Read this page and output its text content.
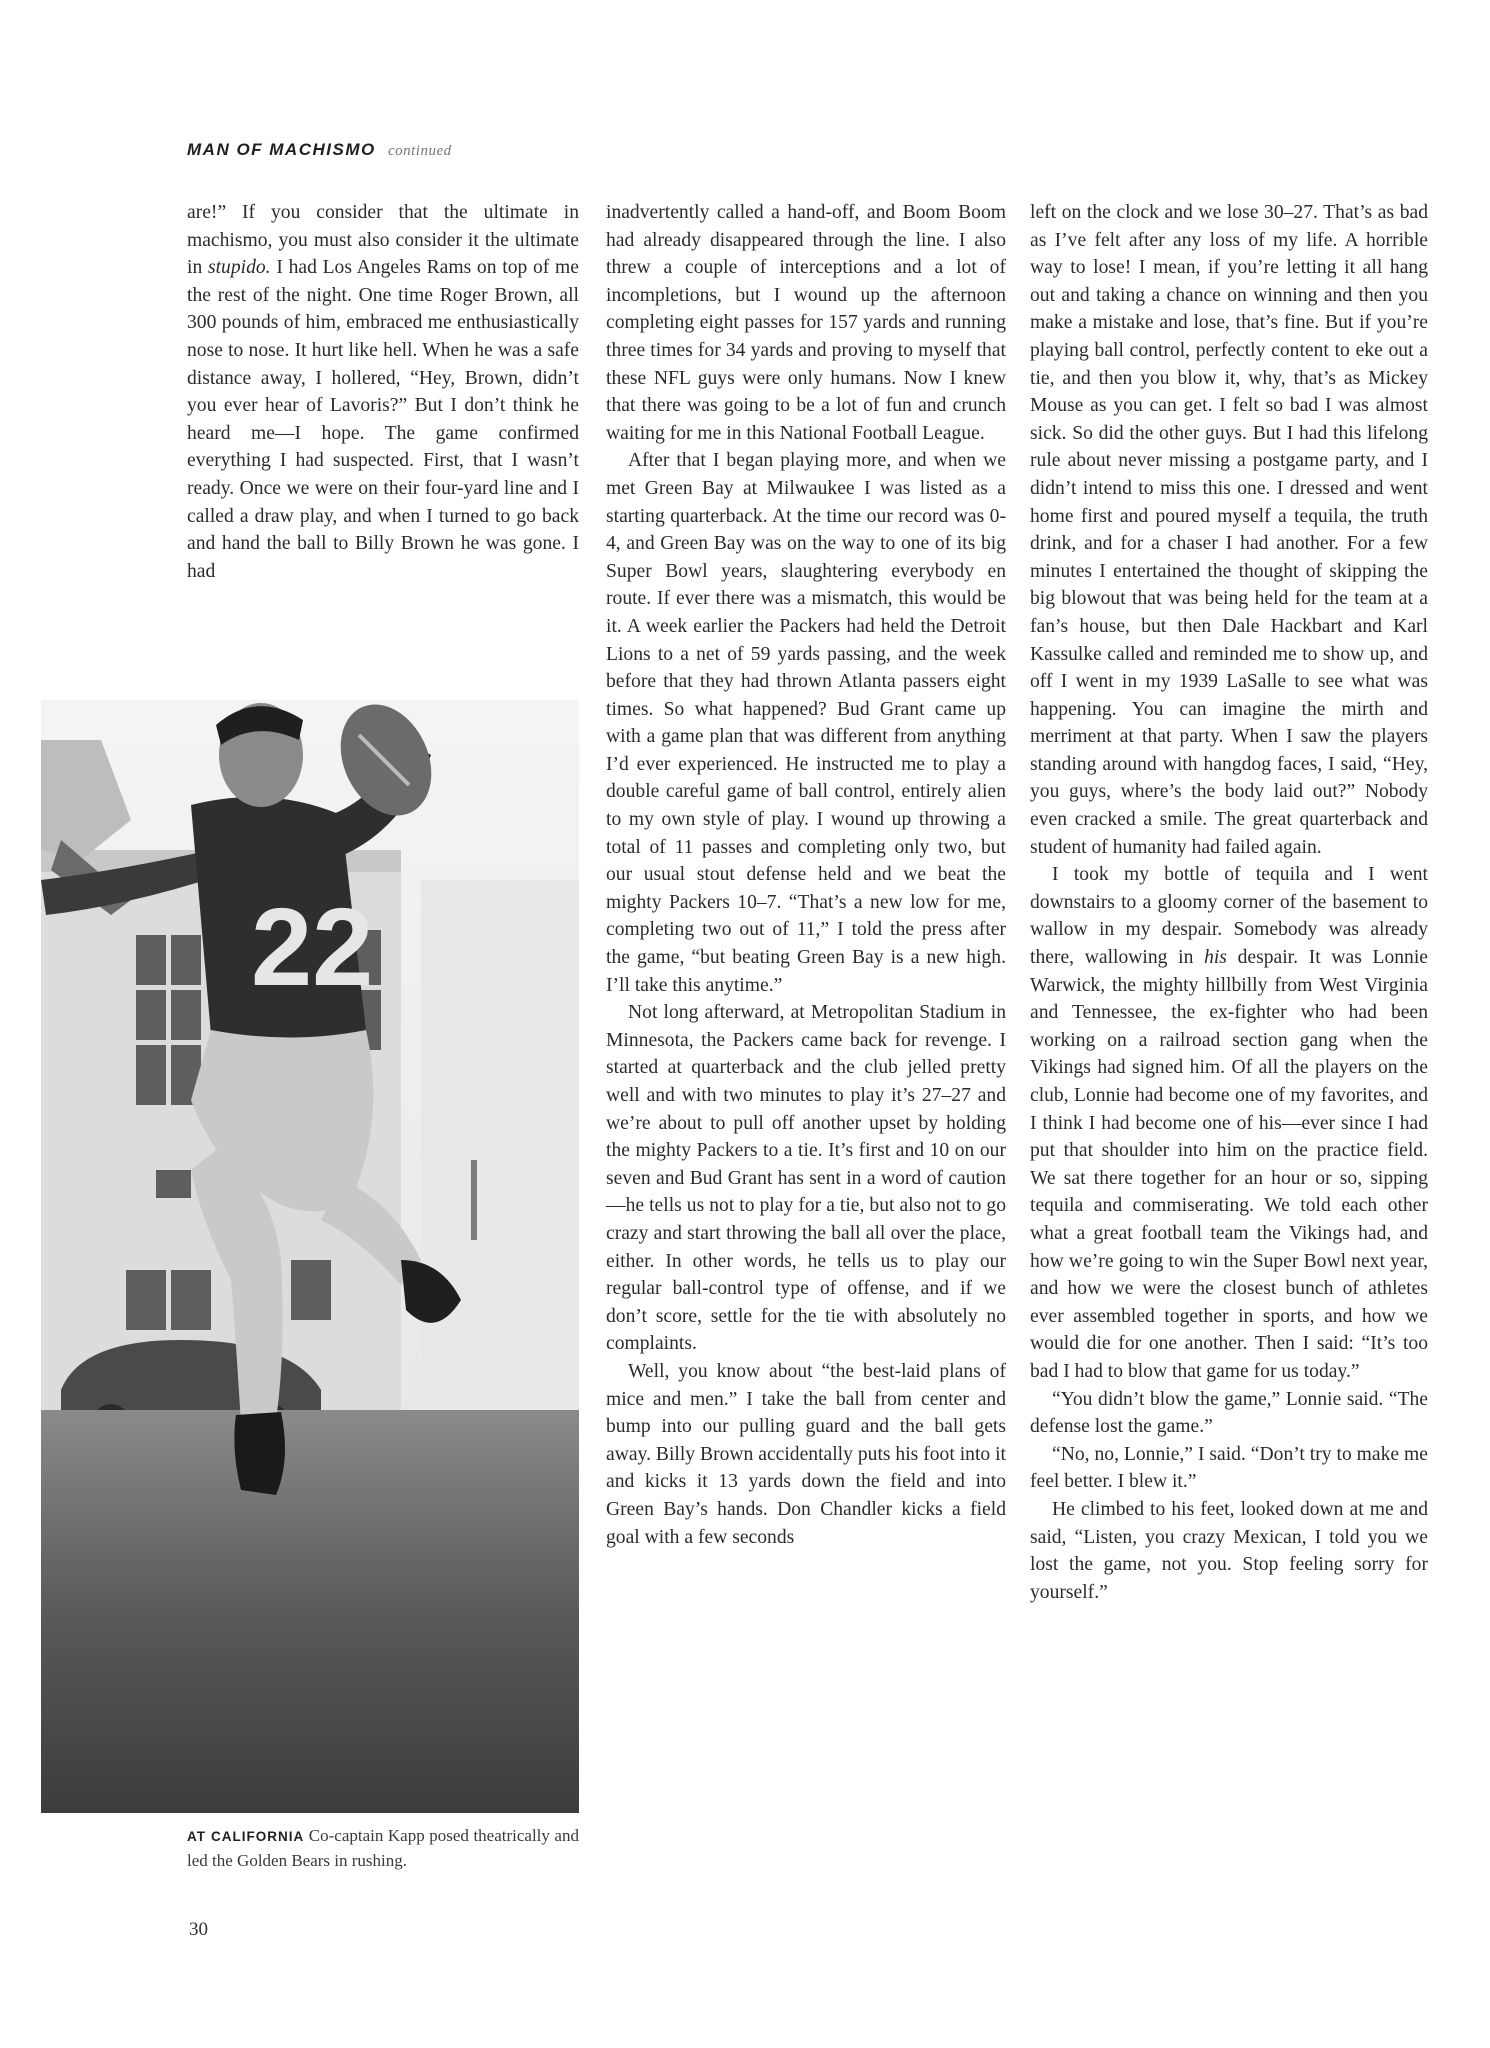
MAN OF MACHISMO continued

are!” If you consider that the ultimate in machismo, you must also consider it the ultimate in stupido. I had Los Angeles Rams on top of me the rest of the night. One time Roger Brown, all 300 pounds of him, embraced me enthusiastically nose to nose. It hurt like hell. When he was a safe distance away, I hollered, “Hey, Brown, didn’t you ever hear of Lavoris?” But I don’t think he heard me—I hope. The game confirmed everything I had suspected. First, that I wasn’t ready. Once we were on their four-yard line and I called a draw play, and when I turned to go back and hand the ball to Billy Brown he was gone. I had

22
AT CALIFORNIA Co-captain Kapp posed theatrically and led the Golden Bears in rushing.

inadvertently called a hand-off, and Boom Boom had already disappeared through the line. I also threw a couple of interceptions and a lot of incompletions, but I wound up the afternoon completing eight passes for 157 yards and running three times for 34 yards and proving to myself that these NFL guys were only humans. Now I knew that there was going to be a lot of fun and crunch waiting for me in this National Football League.

After that I began playing more, and when we met Green Bay at Milwaukee I was listed as a starting quarterback. At the time our record was 0-4, and Green Bay was on the way to one of its big Super Bowl years, slaughtering everybody en route. If ever there was a mismatch, this would be it. A week earlier the Packers had held the Detroit Lions to a net of 59 yards passing, and the week before that they had thrown Atlanta passers eight times. So what happened? Bud Grant came up with a game plan that was different from anything I’d ever experienced. He instructed me to play a double careful game of ball control, entirely alien to my own style of play. I wound up throwing a total of 11 passes and completing only two, but our usual stout defense held and we beat the mighty Packers 10–7. “That’s a new low for me, completing two out of 11,” I told the press after the game, “but beating Green Bay is a new high. I’ll take this anytime.”

Not long afterward, at Metropolitan Stadium in Minnesota, the Packers came back for revenge. I started at quarterback and the club jelled pretty well and with two minutes to play it’s 27–27 and we’re about to pull off another upset by holding the mighty Packers to a tie. It’s first and 10 on our seven and Bud Grant has sent in a word of caution—he tells us not to play for a tie, but also not to go crazy and start throwing the ball all over the place, either. In other words, he tells us to play our regular ball-control type of offense, and if we don’t score, settle for the tie with absolutely no complaints.

Well, you know about “the best-laid plans of mice and men.” I take the ball from center and bump into our pulling guard and the ball gets away. Billy Brown accidentally puts his foot into it and kicks it 13 yards down the field and into Green Bay’s hands. Don Chandler kicks a field goal with a few seconds

left on the clock and we lose 30–27. That’s as bad as I’ve felt after any loss of my life. A horrible way to lose! I mean, if you’re letting it all hang out and taking a chance on winning and then you make a mistake and lose, that’s fine. But if you’re playing ball control, perfectly content to eke out a tie, and then you blow it, why, that’s as Mickey Mouse as you can get. I felt so bad I was almost sick. So did the other guys. But I had this lifelong rule about never missing a postgame party, and I didn’t intend to miss this one. I dressed and went home first and poured myself a tequila, the truth drink, and for a chaser I had another. For a few minutes I entertained the thought of skipping the big blowout that was being held for the team at a fan’s house, but then Dale Hackbart and Karl Kassulke called and reminded me to show up, and off I went in my 1939 LaSalle to see what was happening. You can imagine the mirth and merriment at that party. When I saw the players standing around with hangdog faces, I said, “Hey, you guys, where’s the body laid out?” Nobody even cracked a smile. The great quarterback and student of humanity had failed again.

I took my bottle of tequila and I went downstairs to a gloomy corner of the basement to wallow in my despair. Somebody was already there, wallowing in his despair. It was Lonnie Warwick, the mighty hillbilly from West Virginia and Tennessee, the ex-fighter who had been working on a railroad section gang when the Vikings had signed him. Of all the players on the club, Lonnie had become one of my favorites, and I think I had become one of his—ever since I had put that shoulder into him on the practice field. We sat there together for an hour or so, sipping tequila and commiserating. We told each other what a great football team the Vikings had, and how we’re going to win the Super Bowl next year, and how we were the closest bunch of athletes ever assembled together in sports, and how we would die for one another. Then I said: “It’s too bad I had to blow that game for us today.”

“You didn’t blow the game,” Lonnie said. “The defense lost the game.”

“No, no, Lonnie,” I said. “Don’t try to make me feel better. I blew it.”

He climbed to his feet, looked down at me and said, “Listen, you crazy Mexican, I told you we lost the game, not you. Stop feeling sorry for yourself.”

30
